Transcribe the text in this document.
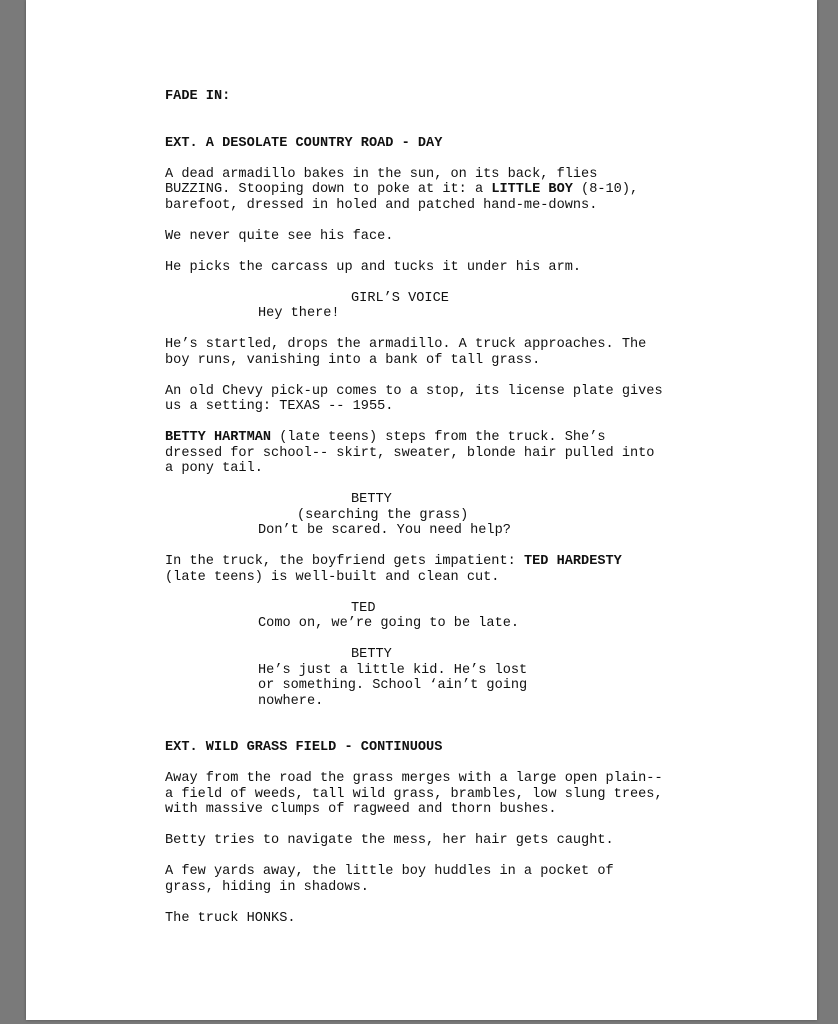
FADE IN:

EXT. A DESOLATE COUNTRY ROAD - DAY

A dead armadillo bakes in the sun, on its back, flies

BUZZING. Stooping down to poke at it: a LITTLE BOY (8-10),

barefoot, dressed in holed and patched hand-me-downs.

We never quite see his face.

He picks the carcass up and tucks it under his arm.

GIRL’S VOICE

Hey there!

He’s startled, drops the armadillo. A truck approaches. The

boy runs, vanishing into a bank of tall grass.

An old Chevy pick-up comes to a stop, its license plate gives

us a setting: TEXAS -- 1955.

BETTY HARTMAN (late teens) steps from the truck. She’s

dressed for school-- skirt, sweater, blonde hair pulled into

a pony tail.

BETTY

(searching the grass)

Don’t be scared. You need help?

In the truck, the boyfriend gets impatient: TED HARDESTY

(late teens) is well-built and clean cut.

TED

Como on, we’re going to be late.

BETTY

He’s just a little kid. He’s lost

or something. School ‘ain’t going

nowhere.

EXT. WILD GRASS FIELD - CONTINUOUS

Away from the road the grass merges with a large open plain--

a field of weeds, tall wild grass, brambles, low slung trees,

with massive clumps of ragweed and thorn bushes.

Betty tries to navigate the mess, her hair gets caught.

A few yards away, the little boy huddles in a pocket of

grass, hiding in shadows.

The truck HONKS.
